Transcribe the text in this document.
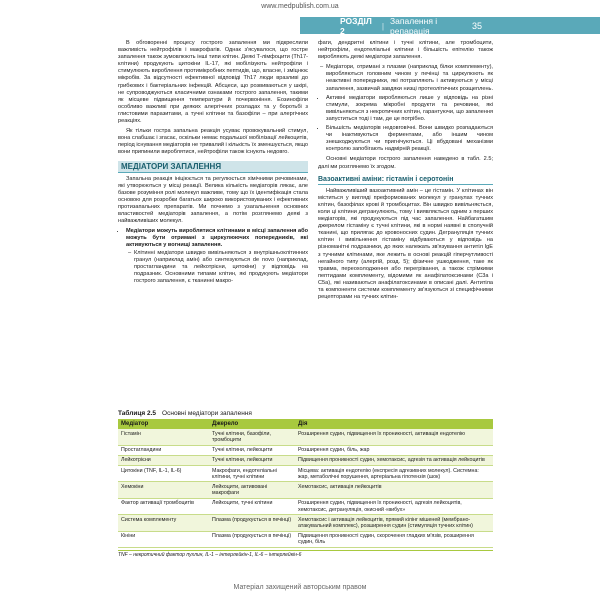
www.medpublish.com.ua
РОЗДІЛ 2	| Запалення і репарація	35

В обговоренні процесу гострого запалення ми підкреслили важливість нейтрофілів і макрофагів. Однак з'ясувалося, що гостре запалення також зумовлюють інші типи клітин. Деякі Т-лімфоцити (Th17-клітини) продукують цитокіни IL-17, які мобілізують нейтрофіли і стимулюють вироблення протимікробних пептидів, що, власне, і зміцнює мікробів. За відсутності ефективної відповіді Th17 люди вразливі до грибкових і бактеріальних інфекцій. Абсцеси, що розвиваються у шкірі, не супроводжуються класичними ознаками гострого запалення, такими як місцеве підвищення температури й почервоніння. Еозинофіли особливо важливі при деяких алергічних розладах та у боротьбі з глистовими паразитами, а тучні клітини та базофіли – при алергічних реакціях.

Як тільки гостра запальна реакція усуває провокувальний стимул, вона слабшає і згасає, оскільки немає подальшої мобілізації лейкоцитів, період існування медіаторів не тривалий і кількість їх зменшується, якщо вони припинили вироблятися, нейтрофіли також існують недовго.

МЕДІАТОРИ ЗАПАЛЕННЯ

Запальна реакція ініціюється та регулюється хімічними речовинами, які утворюються у місці реакції. Велика кількість медіаторів лякає, але базове розуміння ролі молекул важливе, тому що їх ідентифікація стала основою для розробки багатьох широко використовуваних і ефективних протизапальних препаратів. Ми почнемо з узагальнення основних властивостей медіаторів запалення, а потім розглянемо деякі з найважливіших молекул.

• Медіатори можуть вироблятися клітинами в місці запалення або можуть бути отримані з циркулюючих попередників, які активуються у вогнищі запалення.
– Клітинні медіатори швидко вивільняються з внутрішньоклітинних гранул (наприклад амін) або синтезуються de novo (наприклад, простагландини та лейкотрієни, цитокіни) у відповідь на подразник. Основними типами клітин, які продукують медіатори гострого запалення, є тканинні макро-

фаги, дендритні клітини і тучні клітини, але тромбоцити, нейтрофіли, ендотеліальні клітини і більшість епітелію також виробляють деякі медіатори запалення.

– Медіатори, отримані з плазми (наприклад білки комплементу), виробляються головним чином у печінці та циркулюють як неактивні попередники, які потрапляють і активуються у місці запалення, зазвичай завдяки низці протеолітичних розщеплень.
• Активні медіатори виробляються лише у відповідь на різні стимули, зокрема мікробні продукти та речовини, які вивільняються з некротичних клітин, гарантуючи, що запалення запуститься тоді і там, де це потрібно.
• Більшість медіаторів недовговічні. Вони швидко розпадаються чи інактивуються ферментами, або іншим чином знешкоджуються чи пригнічуються. Ці вбудовані механізми контролю запобігають надмірній реакції.

Основні медіатори гострого запалення наведено в табл. 2.5; далі ми розглянемо їх згодом.

Вазоактивні аміни: гістамін і серотонін

Найважливіший вазоактивний амін – це гістамін. У клітинах він міститься у вигляді преформованих молекул у гранулах тучних клітин, базофілах крові й тромбоцитах. Він швидко вивільняється, коли ці клітини дегранулюють, тому і виявляється одним з перших медіаторів, які продукуються під час запалення. Найбагатшим джерелом гістаміну є тучні клітини, які в нормі наявні в сполучній тканині, що прилягає до кровоносних судин. Дегрануляція тучних клітин і вивільнення гістаміну відбуваються у відповідь на різноманітні подразники, до яких належать зв'язування антитіл IgE з тучними клітинами, яке лежить в основі реакцій гіперчутливості негайного типу (алергій, розд. 5); фізичне ушкодження, таке як травма, переохолодження або перегрівання, а також стрімкими пептидами комплементу, відомими як анафілатоксинами (C3a і C5a), які називаються анафілатоксинами в описані далі. Антитіла та компоненти системи комплементу зв'язуються зі специфічними рецепторами на тучних клітин-

Таблиця 2.5 Основні медіатори запалення
Медіатор	Джерело	Дія
Гістамін	Тучні клітини, базофіли, тромбоцити	Розширення судин, підвищення їх проникності, активація ендотелію
Простагландини	Тучні клітини, лейкоцити	Розширення судин, біль, жар
Лейкотрієни	Тучні клітини, лейкоцити	Підвищення проникності судин, хемотаксис, адгезія та активація лейкоцитів
Цитокіни (TNF, IL-1, IL-6)	Макрофаги, ендотеліальні клітини, тучні клітини	Місцева: активація ендотелію (експресія адгезивних молекул). Системна: жар, метаболічні порушення, артеріальна гіпотензія (шок)
Хемокіни	Лейкоцити, активовані макрофаги	Хемотаксис, активація лейкоцитів
Фактор активації тромбоцитів	Лейкоцити, тучні клітини	Розширення судин, підвищення їх проникності, адгезія лейкоцитів, хемотаксис, дегрануляція, окисний «вибух»
Система комплементу	Плазма (продукується в печінці)	Хемотаксис і активація лейкоцитів, прямий кілінг мішеней (мембрано-атакувальний комплекс), розширення судин (стимуляція тучних клітин)
Кініни	Плазма (продукується в печінці)	Підвищення проникності судин, скорочення гладких м'язів, розширення судин, біль
TNF – некротичний фактор пухлин, IL-1 – інтерлейкін-1, IL-6 – інтерлейкін-6
Матеріал захищений авторським правом
